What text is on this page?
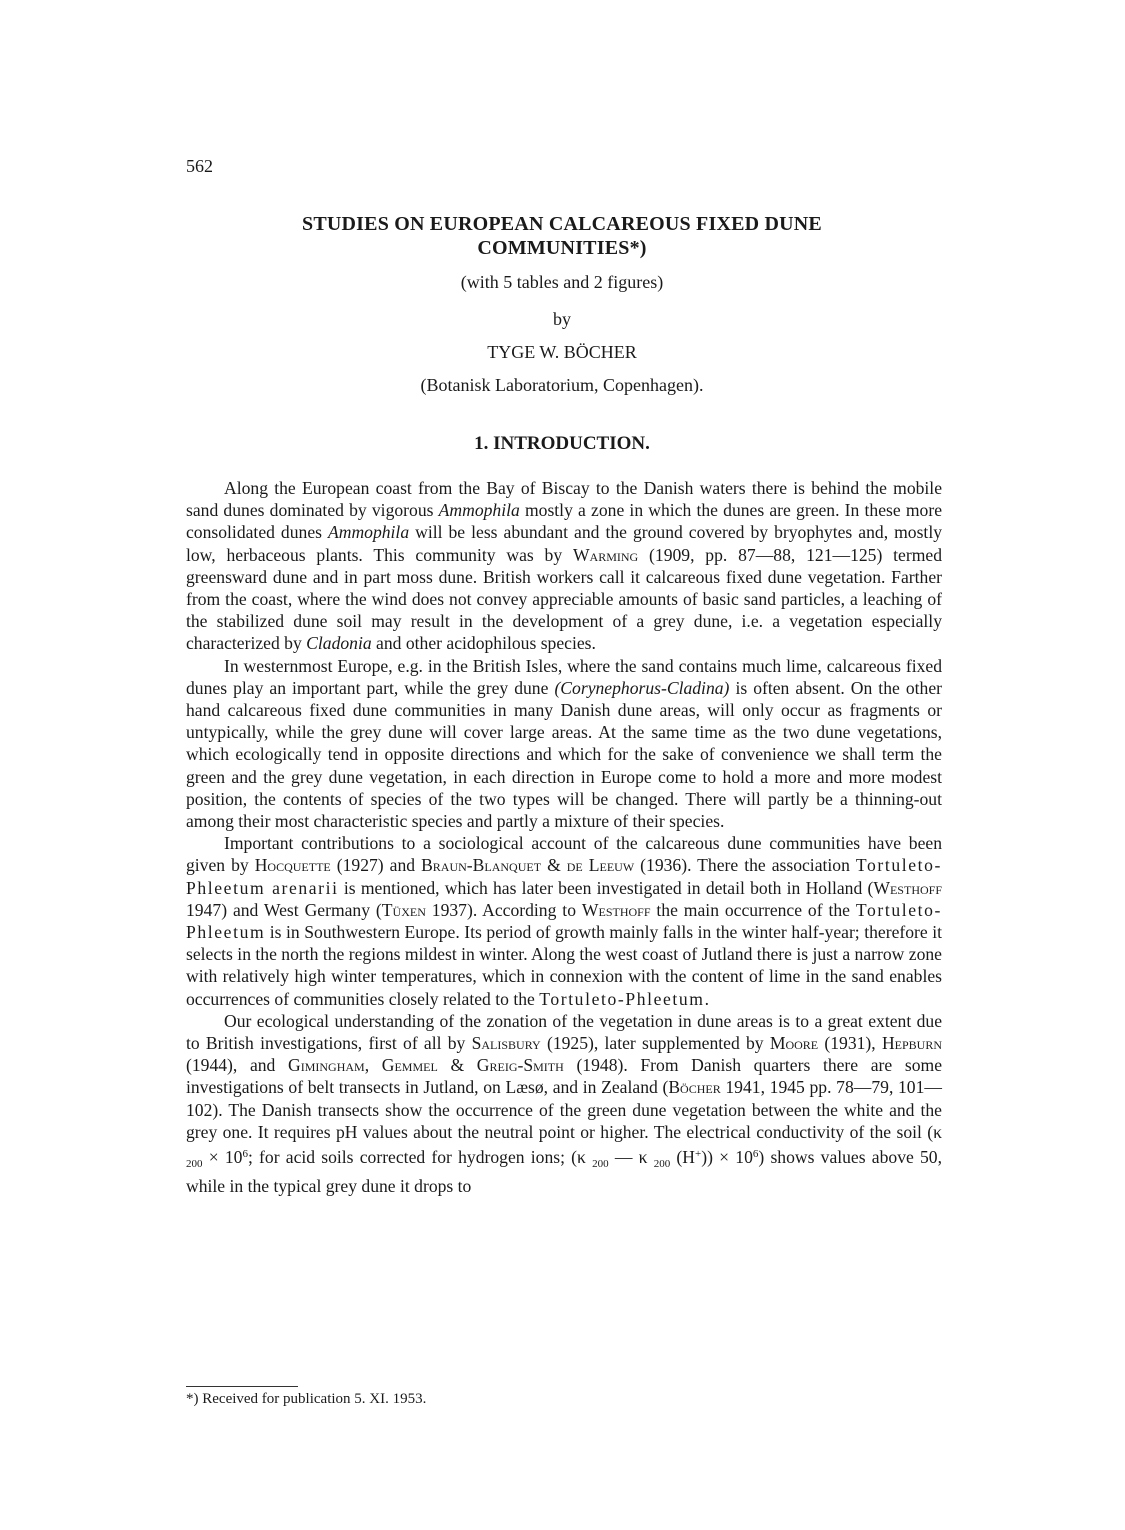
562
STUDIES ON EUROPEAN CALCAREOUS FIXED DUNE
COMMUNITIES*)
(with 5 tables and 2 figures)
by
TYGE W. BÖCHER
(Botanisk Laboratorium, Copenhagen).
1. INTRODUCTION.

Along the European coast from the Bay of Biscay to the Danish waters there is behind the mobile sand dunes dominated by vigorous Ammophila mostly a zone in which the dunes are green. In these more consolidated dunes Ammophila will be less abundant and the ground covered by bryophytes and, mostly low, herbaceous plants. This community was by Warming (1909, pp. 87—88, 121—125) termed greensward dune and in part moss dune. British workers call it calcareous fixed dune vegetation. Farther from the coast, where the wind does not convey appreciable amounts of basic sand particles, a leaching of the stabilized dune soil may result in the development of a grey dune, i.e. a vegetation especially characterized by Cladonia and other acidophilous species.

In westernmost Europe, e.g. in the British Isles, where the sand contains much lime, calcareous fixed dunes play an important part, while the grey dune (Corynephorus-Cladina) is often absent. On the other hand calcareous fixed dune communities in many Danish dune areas, will only occur as fragments or untypically, while the grey dune will cover large areas. At the same time as the two dune vegetations, which ecologically tend in opposite directions and which for the sake of convenience we shall term the green and the grey dune vegetation, in each direction in Europe come to hold a more and more modest position, the contents of species of the two types will be changed. There will partly be a thinning-out among their most characteristic species and partly a mixture of their species.

Important contributions to a sociological account of the calcareous dune communities have been given by Hocquette (1927) and Braun-Blanquet & de Leeuw (1936). There the association Tortuleto-Phleetum arenarii is mentioned, which has later been investigated in detail both in Holland (Westhoff 1947) and West Germany (Tüxen 1937). According to Westhoff the main occurrence of the Tortuleto-Phleetum is in Southwestern Europe. Its period of growth mainly falls in the winter half-year; therefore it selects in the north the regions mildest in winter. Along the west coast of Jutland there is just a narrow zone with relatively high winter temperatures, which in connexion with the content of lime in the sand enables occurrences of communities closely related to the Tortuleto-Phleetum.

Our ecological understanding of the zonation of the vegetation in dune areas is to a great extent due to British investigations, first of all by Salisbury (1925), later supplemented by Moore (1931), Hepburn (1944), and Gimingham, Gemmel & Greig-Smith (1948). From Danish quarters there are some investigations of belt transects in Jutland, on Læsø, and in Zealand (Böcher 1941, 1945 pp. 78—79, 101—102). The Danish transects show the occurrence of the green dune vegetation between the white and the grey one. It requires pH values about the neutral point or higher. The electrical conductivity of the soil (κ $_{200} \times 10^6$; for acid soils corrected for hydrogen ions; (κ $_{200}$ — κ $_{200}$ $(H^+)) \times 10^6$) shows values above 50, while in the typical grey dune it drops to

*) Received for publication 5. XI. 1953.
